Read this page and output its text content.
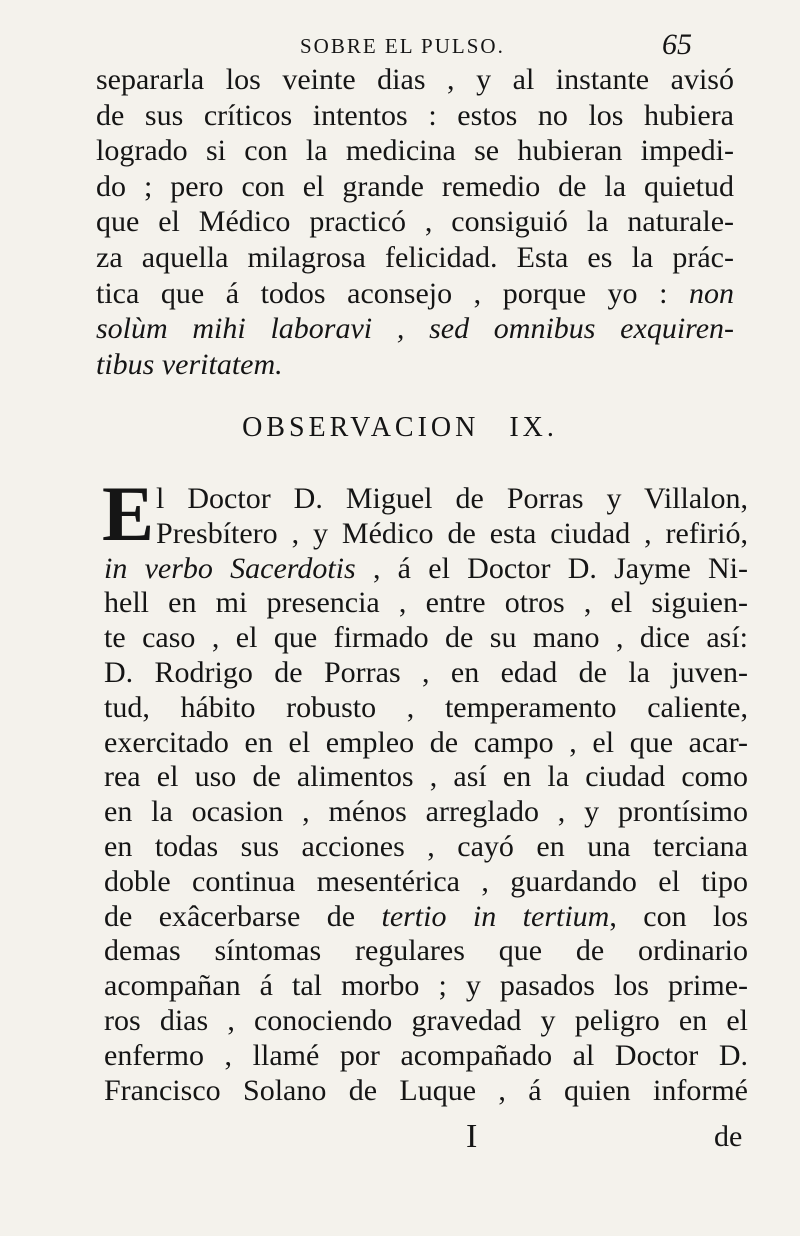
SOBRE EL PULSO.	65
separarla los veinte dias , y al instante avisó
de sus críticos intentos : estos no los hubiera
logrado si con la medicina se hubieran impedi-
do ; pero con el grande remedio de la quietud
que el Médico practicó , consiguió la naturale-
za aquella milagrosa felicidad. Esta es la prác-
tica que á todos aconsejo , porque yo : non
solùm mihi laboravi , sed omnibus exquiren-
tibus veritatem.
OBSERVACION IX.
E l Doctor D. Miguel de Porras y Villalon,
Presbítero , y Médico de esta ciudad , refirió,
in verbo Sacerdotis , á el Doctor D. Jayme Ni-
hell en mi presencia , entre otros , el siguien-
te caso , el que firmado de su mano , dice así:
D. Rodrigo de Porras , en edad de la juven-
tud, hábito robusto , temperamento caliente,
exercitado en el empleo de campo , el que acar-
rea el uso de alimentos , así en la ciudad como
en la ocasion , ménos arreglado , y prontísimo
en todas sus acciones , cayó en una terciana
doble continua mesentérica , guardando el tipo
de exâcerbarse de tertio in tertium, con los
demas síntomas regulares que de ordinario
acompañan á tal morbo ; y pasados los prime-
ros dias , conociendo gravedad y peligro en el
enfermo , llamé por acompañado al Doctor D.
Francisco Solano de Luque , á quien informé
I	de
